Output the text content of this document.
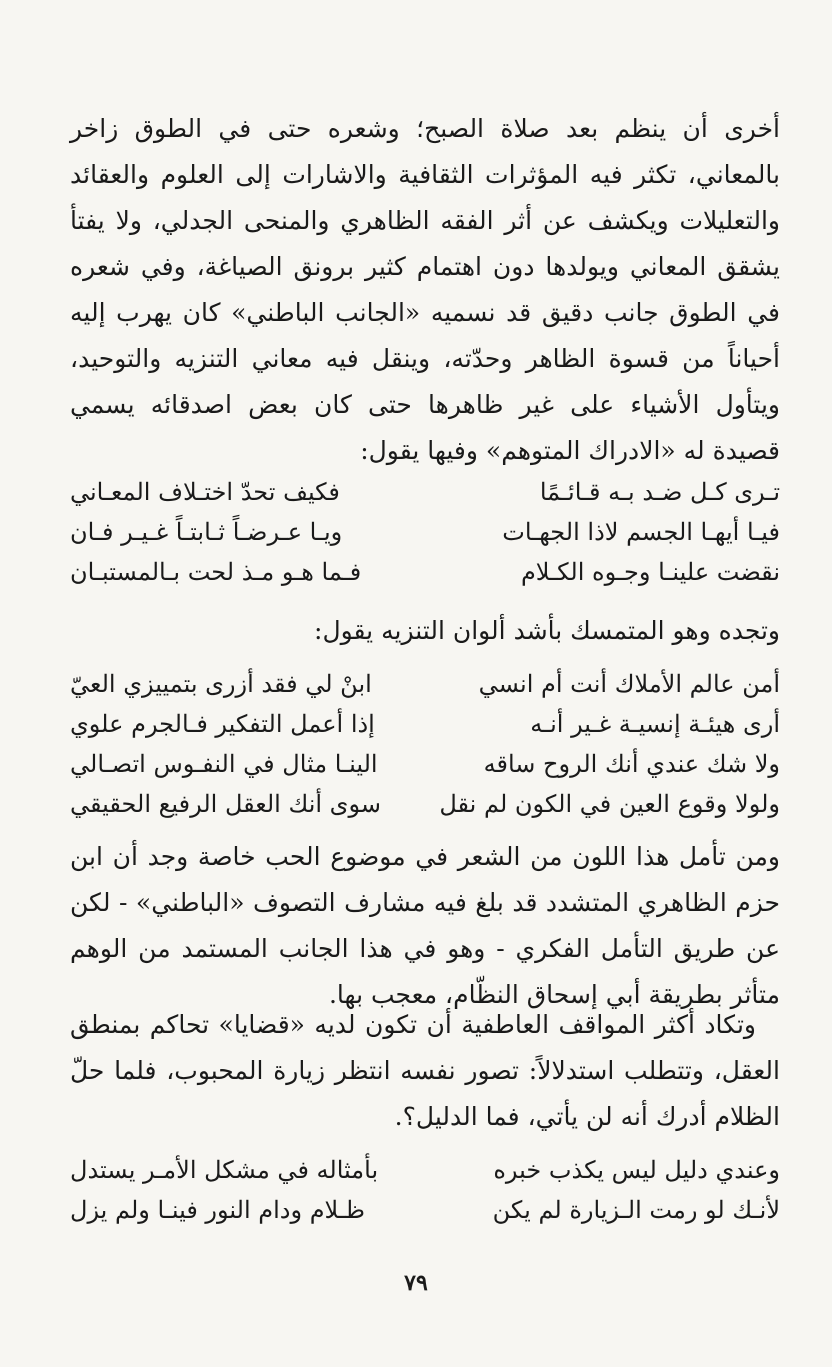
أخرى أن ينظم بعد صلاة الصبح؛ وشعره حتى في الطوق زاخر بالمعاني، تكثر فيه المؤثرات الثقافية والاشارات إلى العلوم والعقائد والتعليلات ويكشف عن أثر الفقه الظاهري والمنحى الجدلي، ولا يفتأ يشقق المعاني ويولدها دون اهتمام كثير برونق الصياغة، وفي شعره في الطوق جانب دقيق قد نسميه «الجانب الباطني» كان يهرب إليه أحياناً من قسوة الظاهر وحدّته، وينقل فيه معاني التنزيه والتوحيد، ويتأول الأشياء على غير ظاهرها حتى كان بعض اصدقائه يسمي قصيدة له «الادراك المتوهم» وفيها يقول:

تـرى كـل ضـد بـه قـائـمًا
فكيف تحدّ اختـلاف المعـاني
فيـا أيهـا الجسم لاذا الجهـات
ويـا عـرضـاً ثـابتـاً غـيـر فـان
نقضت علينـا وجـوه الكـلام
فـما هـو مـذ لحت بـالمستبـان

وتجده وهو المتمسك بأشد ألوان التنزيه يقول:

أمن عالم الأملاك أنت أم انسي
ابنْ لي فقد أزرى بتمييزي العيّ
أرى هيئـة إنسيـة غـير أنـه
إذا أعمل التفكير فـالجرم علوي
ولا شك عندي أنك الروح ساقه
الينـا مثال في النفـوس اتصـالي
ولولا وقوع العين في الكون لم نقل
سوى أنك العقل الرفيع الحقيقي

ومن تأمل هذا اللون من الشعر في موضوع الحب خاصة وجد أن ابن حزم الظاهري المتشدد قد بلغ فيه مشارف التصوف «الباطني» - لكن عن طريق التأمل الفكري - وهو في هذا الجانب المستمد من الوهم متأثر بطريقة أبي إسحاق النظّام، معجب بها.

وتكاد أكثر المواقف العاطفية أن تكون لديه «قضايا» تحاكم بمنطق العقل، وتتطلب استدلالاً: تصور نفسه انتظر زيارة المحبوب، فلما حلّ الظلام أدرك أنه لن يأتي، فما الدليل؟.

وعندي دليل ليس يكذب خبره
بأمثاله في مشكل الأمـر يستدل
لأنـك لو رمت الـزيارة لم يكن
ظـلام ودام النور فينـا ولم يزل
٧٩
